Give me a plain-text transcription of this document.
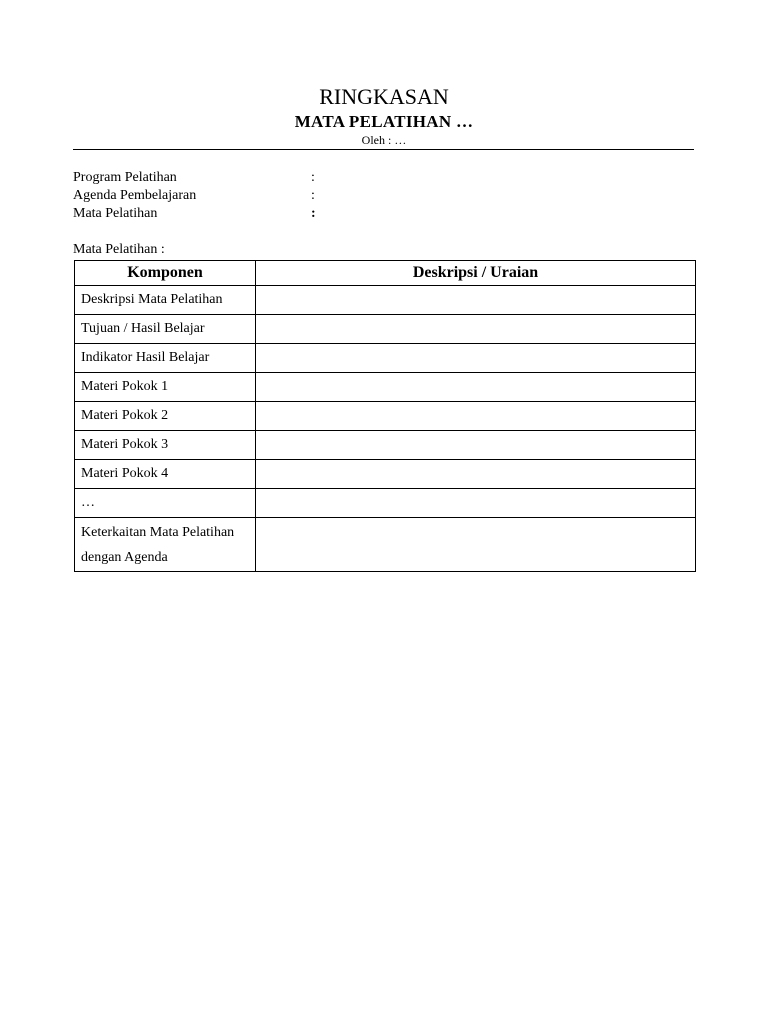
RINGKASAN
MATA PELATIHAN …
Oleh : …
Program Pelatihan	:
Agenda Pembelajaran	:
Mata Pelatihan	:
Mata Pelatihan :
Komponen	Deskripsi / Uraian
Deskripsi Mata Pelatihan	
Tujuan / Hasil Belajar	
Indikator Hasil Belajar	
Materi Pokok 1	
Materi Pokok 2	
Materi Pokok 3	
Materi Pokok 4	
…	
Keterkaitan Mata Pelatihan dengan Agenda	
